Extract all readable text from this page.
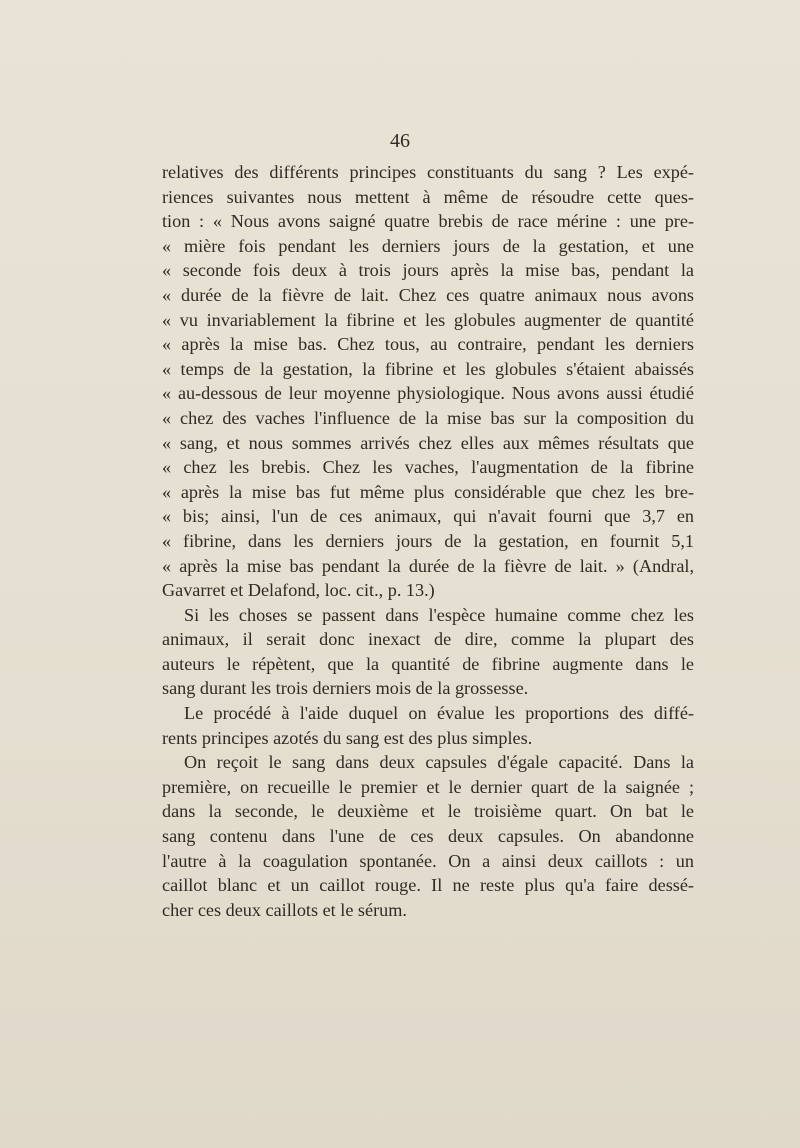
46
relatives des différents principes constituants du sang ? Les expé-
riences suivantes nous mettent à même de résoudre cette ques-
tion : « Nous avons saigné quatre brebis de race mérine : une pre-
« mière fois pendant les derniers jours de la gestation, et une
« seconde fois deux à trois jours après la mise bas, pendant la
« durée de la fièvre de lait. Chez ces quatre animaux nous avons
« vu invariablement la fibrine et les globules augmenter de quantité
« après la mise bas. Chez tous, au contraire, pendant les derniers
« temps de la gestation, la fibrine et les globules s'étaient abaissés
« au-dessous de leur moyenne physiologique. Nous avons aussi étudié
« chez des vaches l'influence de la mise bas sur la composition du
« sang, et nous sommes arrivés chez elles aux mêmes résultats que
« chez les brebis. Chez les vaches, l'augmentation de la fibrine
« après la mise bas fut même plus considérable que chez les bre-
« bis; ainsi, l'un de ces animaux, qui n'avait fourni que 3,7 en
« fibrine, dans les derniers jours de la gestation, en fournit 5,1
« après la mise bas pendant la durée de la fièvre de lait. » (Andral,
Gavarret et Delafond, loc. cit., p. 13.)
Si les choses se passent dans l'espèce humaine comme chez les
animaux, il serait donc inexact de dire, comme la plupart des
auteurs le répètent, que la quantité de fibrine augmente dans le
sang durant les trois derniers mois de la grossesse.
Le procédé à l'aide duquel on évalue les proportions des diffé-
rents principes azotés du sang est des plus simples.
On reçoit le sang dans deux capsules d'égale capacité. Dans la
première, on recueille le premier et le dernier quart de la saignée ;
dans la seconde, le deuxième et le troisième quart. On bat le
sang contenu dans l'une de ces deux capsules. On abandonne
l'autre à la coagulation spontanée. On a ainsi deux caillots : un
caillot blanc et un caillot rouge. Il ne reste plus qu'a faire dessé-
cher ces deux caillots et le sérum.
